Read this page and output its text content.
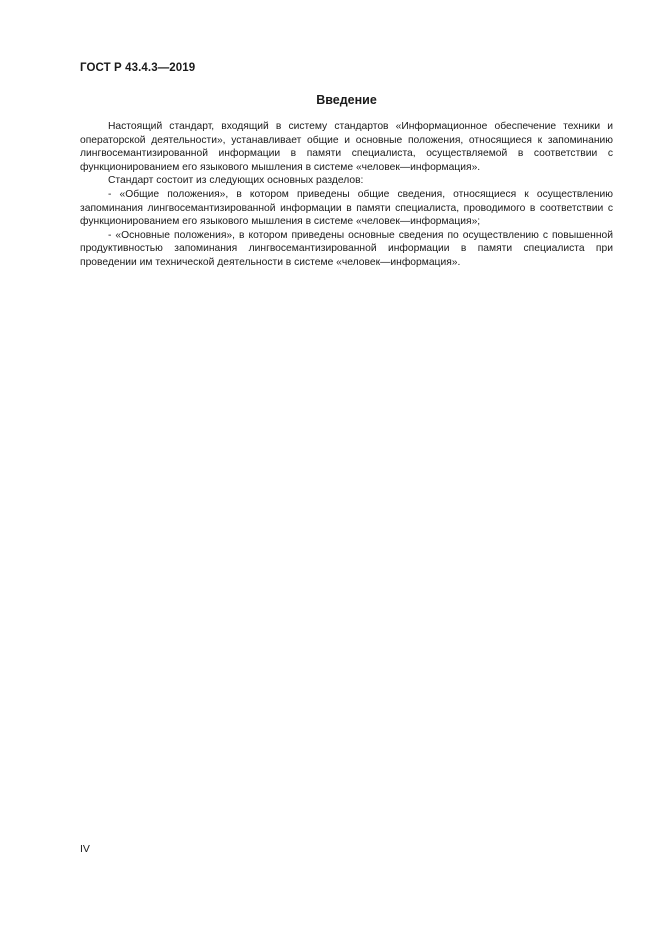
ГОСТ Р 43.4.3—2019
Введение

Настоящий стандарт, входящий в систему стандартов «Информационное обеспечение техники и операторской деятельности», устанавливает общие и основные положения, относящиеся к запоминанию лингвосемантизированной информации в памяти специалиста, осуществляемой в соответствии с функционированием его языкового мышления в системе «человек—информация».

Стандарт состоит из следующих основных разделов:

- «Общие положения», в котором приведены общие сведения, относящиеся к осуществлению запоминания лингвосемантизированной информации в памяти специалиста, проводимого в соответствии с функционированием его языкового мышления в системе «человек—информация»;

- «Основные положения», в котором приведены основные сведения по осуществлению с повышенной продуктивностью запоминания лингвосемантизированной информации в памяти специалиста при проведении им технической деятельности в системе «человек—информация».

IV
